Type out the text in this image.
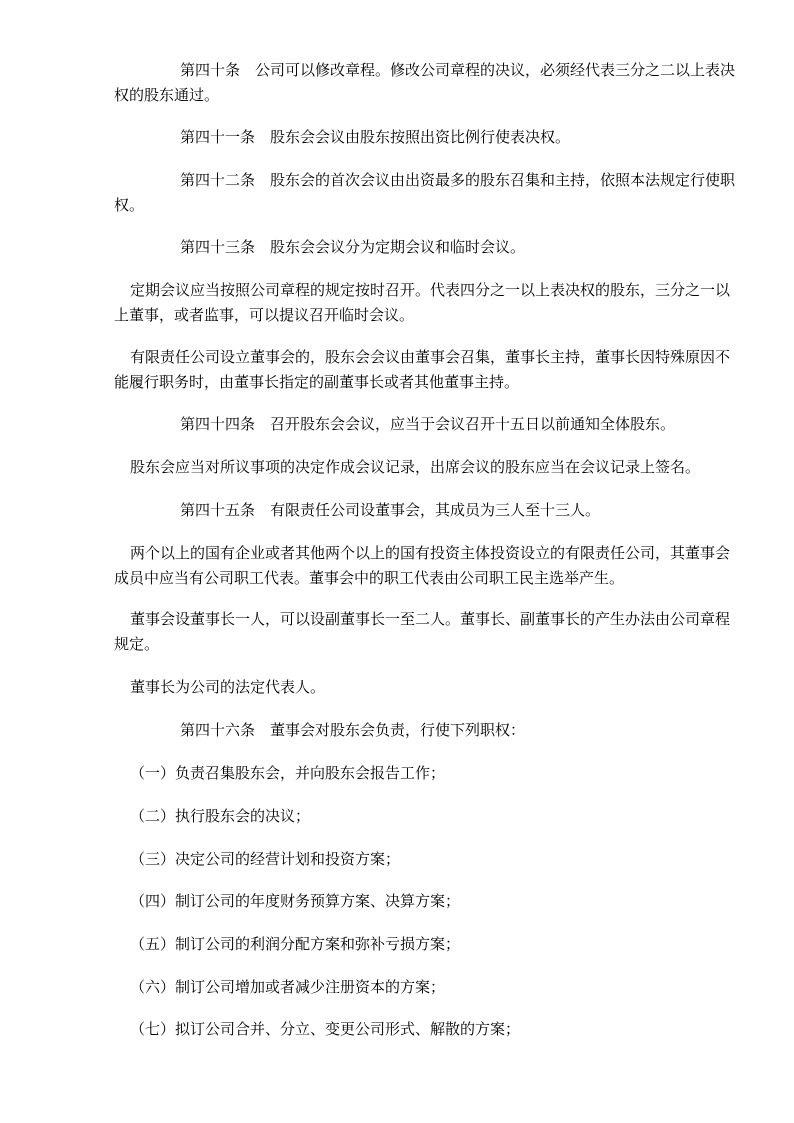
第四十条 公司可以修改章程。修改公司章程的决议，必须经代表三分之二以上表决权的股东通过。

第四十一条 股东会会议由股东按照出资比例行使表决权。

第四十二条 股东会的首次会议由出资最多的股东召集和主持，依照本法规定行使职权。

第四十三条 股东会会议分为定期会议和临时会议。

定期会议应当按照公司章程的规定按时召开。代表四分之一以上表决权的股东，三分之一以上董事，或者监事，可以提议召开临时会议。

有限责任公司设立董事会的，股东会会议由董事会召集，董事长主持，董事长因特殊原因不能履行职务时，由董事长指定的副董事长或者其他董事主持。

第四十四条 召开股东会会议，应当于会议召开十五日以前通知全体股东。

股东会应当对所议事项的决定作成会议记录，出席会议的股东应当在会议记录上签名。

第四十五条 有限责任公司设董事会，其成员为三人至十三人。

两个以上的国有企业或者其他两个以上的国有投资主体投资设立的有限责任公司，其董事会成员中应当有公司职工代表。董事会中的职工代表由公司职工民主选举产生。

董事会设董事长一人，可以设副董事长一至二人。董事长、副董事长的产生办法由公司章程规定。

董事长为公司的法定代表人。

第四十六条 董事会对股东会负责，行使下列职权：

（一）负责召集股东会，并向股东会报告工作；

（二）执行股东会的决议；

（三）决定公司的经营计划和投资方案；

（四）制订公司的年度财务预算方案、决算方案；

（五）制订公司的利润分配方案和弥补亏损方案；

（六）制订公司增加或者减少注册资本的方案；

（七）拟订公司合并、分立、变更公司形式、解散的方案；
